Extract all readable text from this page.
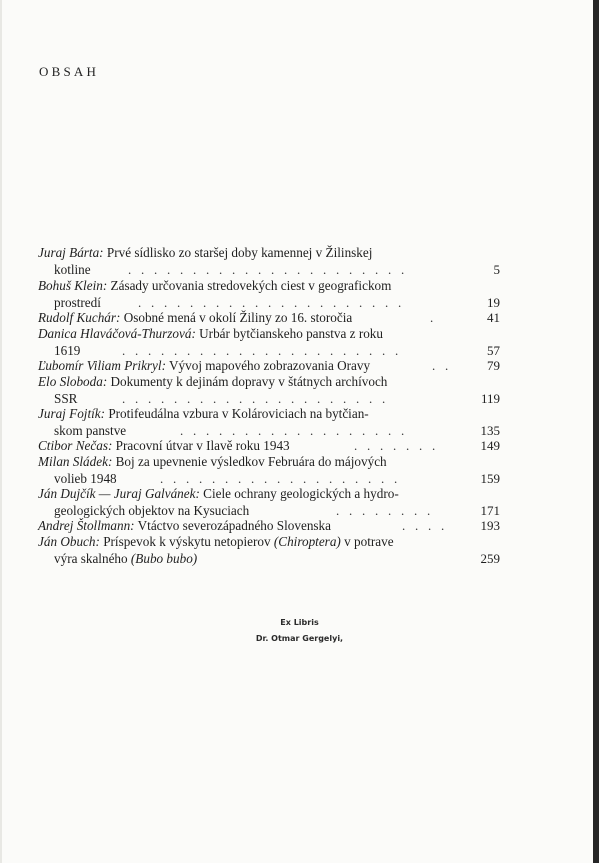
OBSAH
Juraj Bárta: Prvé sídlisko zo staršej doby kamennej v Žilinskej
kotline	.   .   .   .   .   .   .   .   .   .   .   .   .   .   .   .   .   .   .   .   .   .	5
Bohuš Klein: Zásady určovania stredovekých ciest v geografickom
prostredí	.   .   .   .   .   .   .   .   .   .   .   .   .   .   .   .   .   .   .   .   .	19
Rudolf Kuchár: Osobné mená v okolí Žiliny zo 16. storočia	.	41
Danica Hlaváčová-Thurzová: Urbár bytčianskeho panstva z roku
1619	.   .   .   .   .   .   .   .   .   .   .   .   .   .   .   .   .   .   .   .   .   .	57
Ľubomír Viliam Prikryl: Vývoj mapového zobrazovania Oravy	.   .	79
Elo Sloboda: Dokumenty k dejinám dopravy v štátnych archívoch
SSR	.   .   .   .   .   .   .   .   .   .   .   .   .   .   .   .   .   .   .   .   .	119
Juraj Fojtík: Protifeudálna vzbura v Kolároviciach na bytčian-
skom panstve	.   .   .   .   .   .   .   .   .   .   .   .   .   .   .   .   .   .	135
Ctibor Nečas: Pracovní útvar v Ilavě roku 1943	.   .   .   .   .   .   .	149
Milan Sládek: Boj za upevnenie výsledkov Februára do májových
volieb 1948	.   .   .   .   .   .   .   .   .   .   .   .   .   .   .   .   .   .   .	159
Ján Dujčík — Juraj Galvánek: Ciele ochrany geologických a hydro-
geologických objektov na Kysuciach	.   .   .   .   .   .   .   .	171
Andrej Štollmann: Vtáctvo severozápadného Slovenska	.   .   .   .	193
Ján Obuch: Príspevok k výskytu netopierov (Chiroptera) v potrave
výra skalného (Bubo bubo)	259
Ex Libris
Dr. Otmar Gergelyi,
